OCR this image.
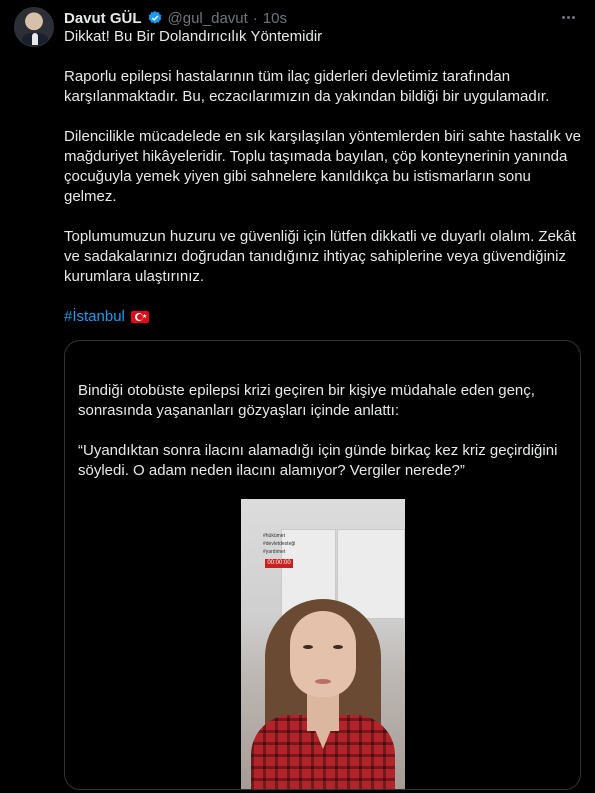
Davut GÜL @gul_davut · 10s

Dikkat! Bu Bir Dolandırıcılık Yöntemidir

Raporlu epilepsi hastalarının tüm ilaç giderleri devletimiz tarafından karşılanmaktadır. Bu, eczacılarımızın da yakından bildiği bir uygulamadır.

Dilencilikle mücadelede en sık karşılaşılan yöntemlerden biri sahte hastalık ve mağduriyet hikâyeleridir. Toplu taşımada bayılan, çöp konteynerinin yanında çocuğuyla yemek yiyen gibi sahnelere kanıldıkça bu istismarların sonu gelmez.

Toplumumuzun huzuru ve güvenliği için lütfen dikkatli ve duyarlı olalım. Zekât ve sadakalarınızı doğrudan tanıdığınız ihtiyaç sahiplerine veya güvendiğiniz kurumlara ulaştırınız.

#İstanbul	★

Bindiği otobüste epilepsi krizi geçiren bir kişiye müdahale eden genç, sonrasında yaşananları gözyaşları içinde anlattı:

“Uyandıktan sonra ilacını alamadığı için günde birkaç kez kriz geçirdiğini söyledi. O adam neden ilacını alamıyor? Vergiler nerede?”

#hükümet
#devletdesteği
#yardımet
00:00:00
